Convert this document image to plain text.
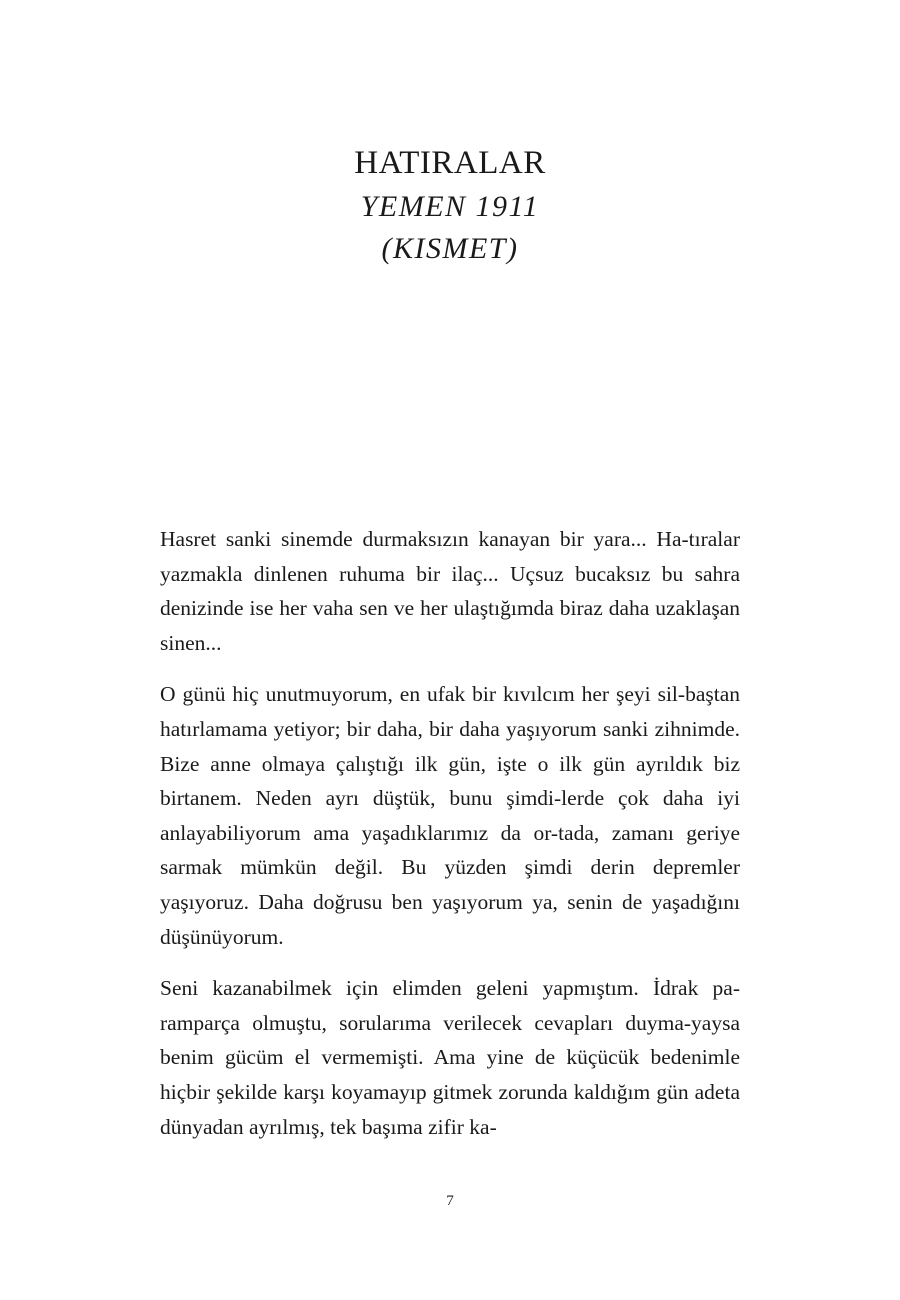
HATIRALAR
YEMEN 1911
(KISMET)

Hasret sanki sinemde durmaksızın kanayan bir yara... Ha-tıralar yazmakla dinlenen ruhuma bir ilaç... Uçsuz bucaksız bu sahra denizinde ise her vaha sen ve her ulaştığımda biraz daha uzaklaşan sinen...

O günü hiç unutmuyorum, en ufak bir kıvılcım her şeyi sil-baştan hatırlamama yetiyor; bir daha, bir daha yaşıyorum sanki zihnimde. Bize anne olmaya çalıştığı ilk gün, işte o ilk gün ayrıldık biz birtanem. Neden ayrı düştük, bunu şimdi-lerde çok daha iyi anlayabiliyorum ama yaşadıklarımız da or-tada, zamanı geriye sarmak mümkün değil. Bu yüzden şimdi derin depremler yaşıyoruz. Daha doğrusu ben yaşıyorum ya, senin de yaşadığını düşünüyorum.

Seni kazanabilmek için elimden geleni yapmıştım. İdrak pa-ramparça olmuştu, sorularıma verilecek cevapları duyma-yaysa benim gücüm el vermemişti. Ama yine de küçücük bedenimle hiçbir şekilde karşı koyamayıp gitmek zorunda kaldığım gün adeta dünyadan ayrılmış, tek başıma zifir ka-

7
